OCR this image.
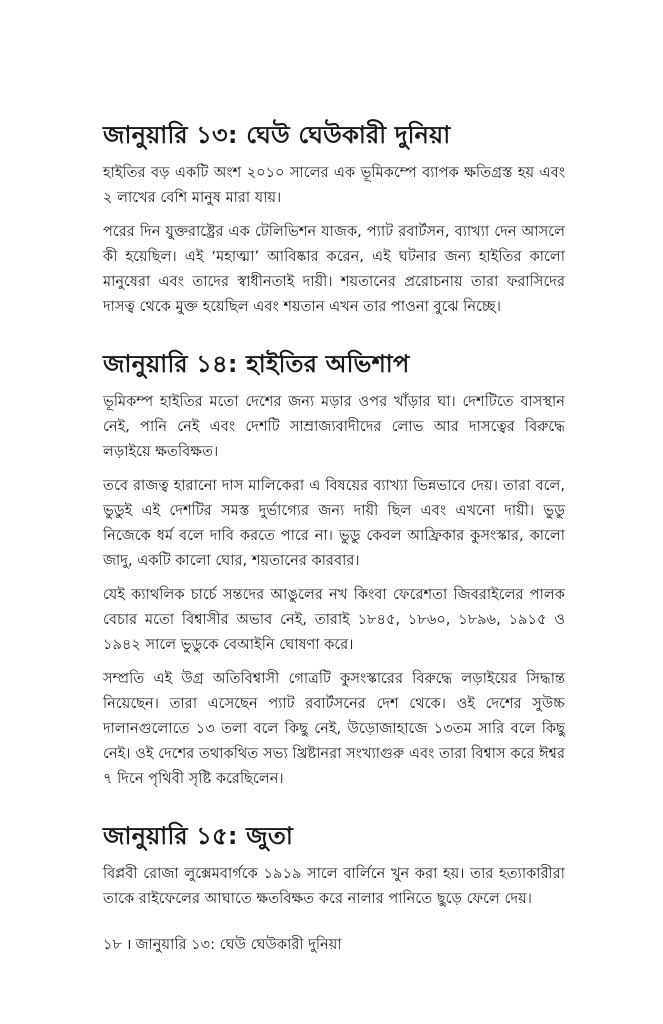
জানুয়ারি ১৩: ঘেউ ঘেউকারী দুনিয়া

হাইতির বড় একটি অংশ ২০১০ সালের এক ভূমিকম্পে ব্যাপক ক্ষতিগ্রস্ত হয় এবং ২ লাখের বেশি মানুষ মারা যায়।

পরের দিন যুক্তরাষ্ট্রের এক টেলিভিশন যাজক, প্যাট রবার্টসন, ব্যাখ্যা দেন আসলে কী হয়েছিল। এই ‘মহাত্মা’ আবিষ্কার করেন, এই ঘটনার জন্য হাইতির কালো মানুষেরা এবং তাদের স্বাধীনতাই দায়ী। শয়তানের প্ররোচনায় তারা ফরাসিদের দাসত্ব থেকে মুক্ত হয়েছিল এবং শয়তান এখন তার পাওনা বুঝে নিচ্ছে।

জানুয়ারি ১৪: হাইতির অভিশাপ

ভূমিকম্প হাইতির মতো দেশের জন্য মড়ার ওপর খাঁড়ার ঘা। দেশটিতে বাসস্থান নেই, পানি নেই এবং দেশটি সাম্রাজ্যবাদীদের লোভ আর দাসত্বের বিরুদ্ধে লড়াইয়ে ক্ষতবিক্ষত।

তবে রাজত্ব হারানো দাস মালিকেরা এ বিষয়ের ব্যাখ্যা ভিন্নভাবে দেয়। তারা বলে, ভুডুই এই দেশটির সমস্ত দুর্ভাগ্যের জন্য দায়ী ছিল এবং এখনো দায়ী। ভুডু নিজেকে ধর্ম বলে দাবি করতে পারে না। ভুডু কেবল আফ্রিকার কুসংস্কার, কালো জাদু, একটি কালো ঘোর, শয়তানের কারবার।

যেই ক্যাথলিক চার্চে সন্তদের আঙুলের নখ কিংবা ফেরেশতা জিবরাইলের পালক বেচার মতো বিশ্বাসীর অভাব নেই, তারাই ১৮৪৫, ১৮৬০, ১৮৯৬, ১৯১৫ ও ১৯৪২ সালে ভুডুকে বেআইনি ঘোষণা করে।

সম্প্রতি এই উগ্র অতিবিশ্বাসী গোত্রটি কুসংস্কারের বিরুদ্ধে লড়াইয়ের সিদ্ধান্ত নিয়েছেন। তারা এসেছেন প্যাট রবার্টসনের দেশ থেকে। ওই দেশের সুউচ্চ দালানগুলোতে ১৩ তলা বলে কিছু নেই, উড়োজাহাজে ১৩তম সারি বলে কিছু নেই। ওই দেশের তথাকথিত সভ্য খ্রিষ্টানরা সংখ্যাগুরু এবং তারা বিশ্বাস করে ঈশ্বর ৭ দিনে পৃথিবী সৃষ্টি করেছিলেন।

জানুয়ারি ১৫: জুতা

বিপ্লবী রোজা লুক্সেমবার্গকে ১৯১৯ সালে বার্লিনে খুন করা হয়। তার হত্যাকারীরা তাকে রাইফেলের আঘাতে ক্ষতবিক্ষত করে নালার পানিতে ছুড়ে ফেলে দেয়।

১৮ । জানুয়ারি ১৩: ঘেউ ঘেউকারী দুনিয়া
